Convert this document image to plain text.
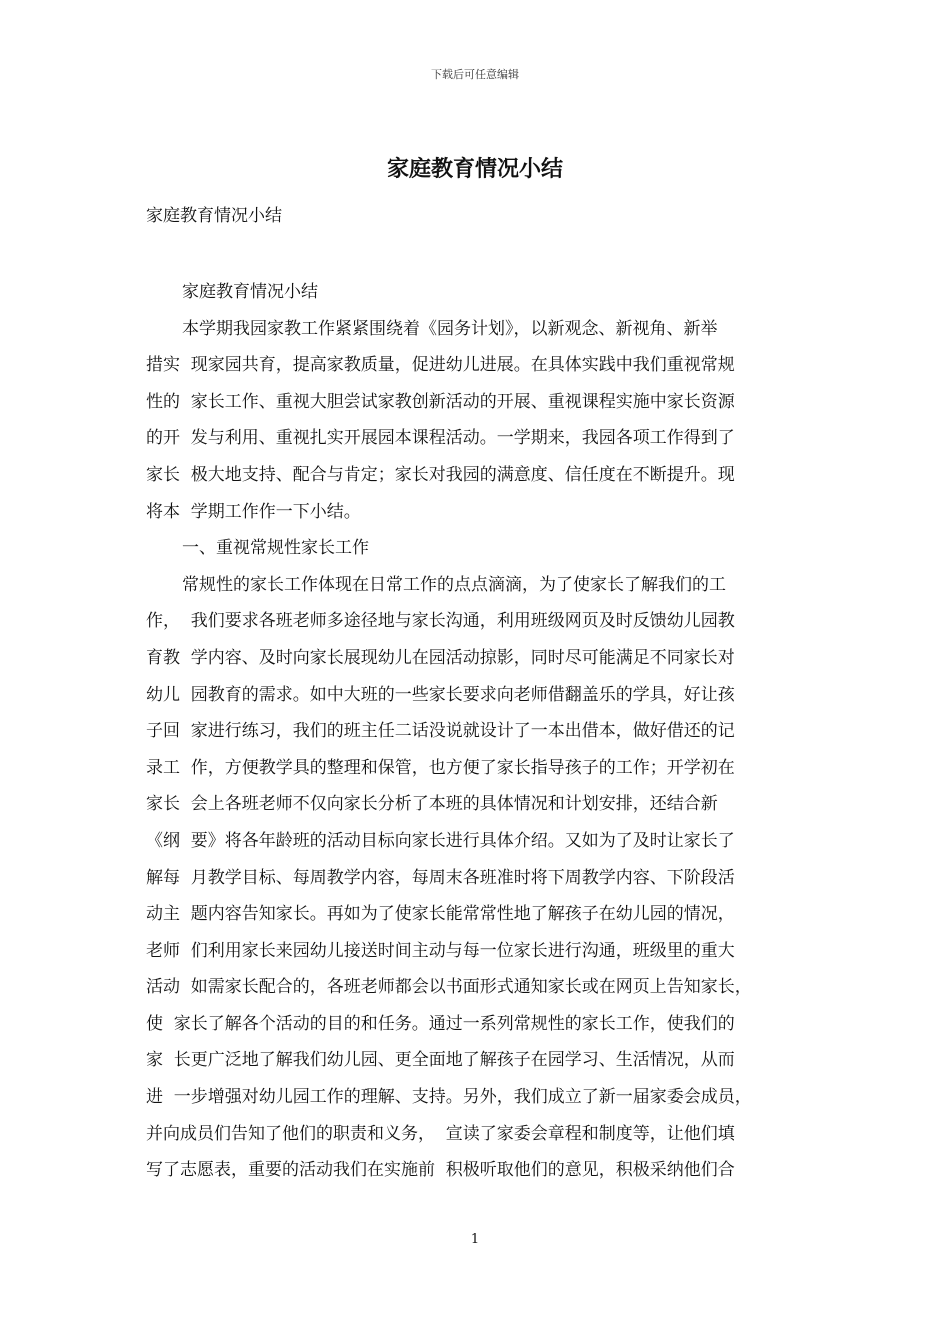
下载后可任意编辑
家庭教育情况小结
家庭教育情况小结
家庭教育情况小结
本学期我园家教工作紧紧围绕着《园务计划》，以新观念、新视角、新举
措实  现家园共育，提高家教质量，促进幼儿进展。在具体实践中我们重视常规
性的  家长工作、重视大胆尝试家教创新活动的开展、重视课程实施中家长资源
的开  发与利用、重视扎实开展园本课程活动。一学期来，我园各项工作得到了
家长  极大地支持、配合与肯定；家长对我园的满意度、信任度在不断提升。现
将本  学期工作作一下小结。
一、重视常规性家长工作
常规性的家长工作体现在日常工作的点点滴滴，为了使家长了解我们的工
作，  我们要求各班老师多途径地与家长沟通，利用班级网页及时反馈幼儿园教
育教  学内容、及时向家长展现幼儿在园活动掠影，同时尽可能满足不同家长对
幼儿  园教育的需求。如中大班的一些家长要求向老师借翻盖乐的学具，好让孩
子回  家进行练习，我们的班主任二话没说就设计了一本出借本，做好借还的记
录工  作，方便教学具的整理和保管，也方便了家长指导孩子的工作；开学初在
家长  会上各班老师不仅向家长分析了本班的具体情况和计划安排，还结合新
《纲  要》将各年龄班的活动目标向家长进行具体介绍。又如为了及时让家长了
解每  月教学目标、每周教学内容，每周末各班准时将下周教学内容、下阶段活
动主  题内容告知家长。再如为了使家长能常常性地了解孩子在幼儿园的情况，
老师  们利用家长来园幼儿接送时间主动与每一位家长进行沟通，班级里的重大
活动  如需家长配合的，各班老师都会以书面形式通知家长或在网页上告知家长，
使  家长了解各个活动的目的和任务。通过一系列常规性的家长工作，使我们的
家  长更广泛地了解我们幼儿园、更全面地了解孩子在园学习、生活情况，从而
进  一步增强对幼儿园工作的理解、支持。另外，我们成立了新一届家委会成员，
并向成员们告知了他们的职责和义务，  宣读了家委会章程和制度等，让他们填
写了志愿表，重要的活动我们在实施前  积极听取他们的意见，积极采纳他们合
1
